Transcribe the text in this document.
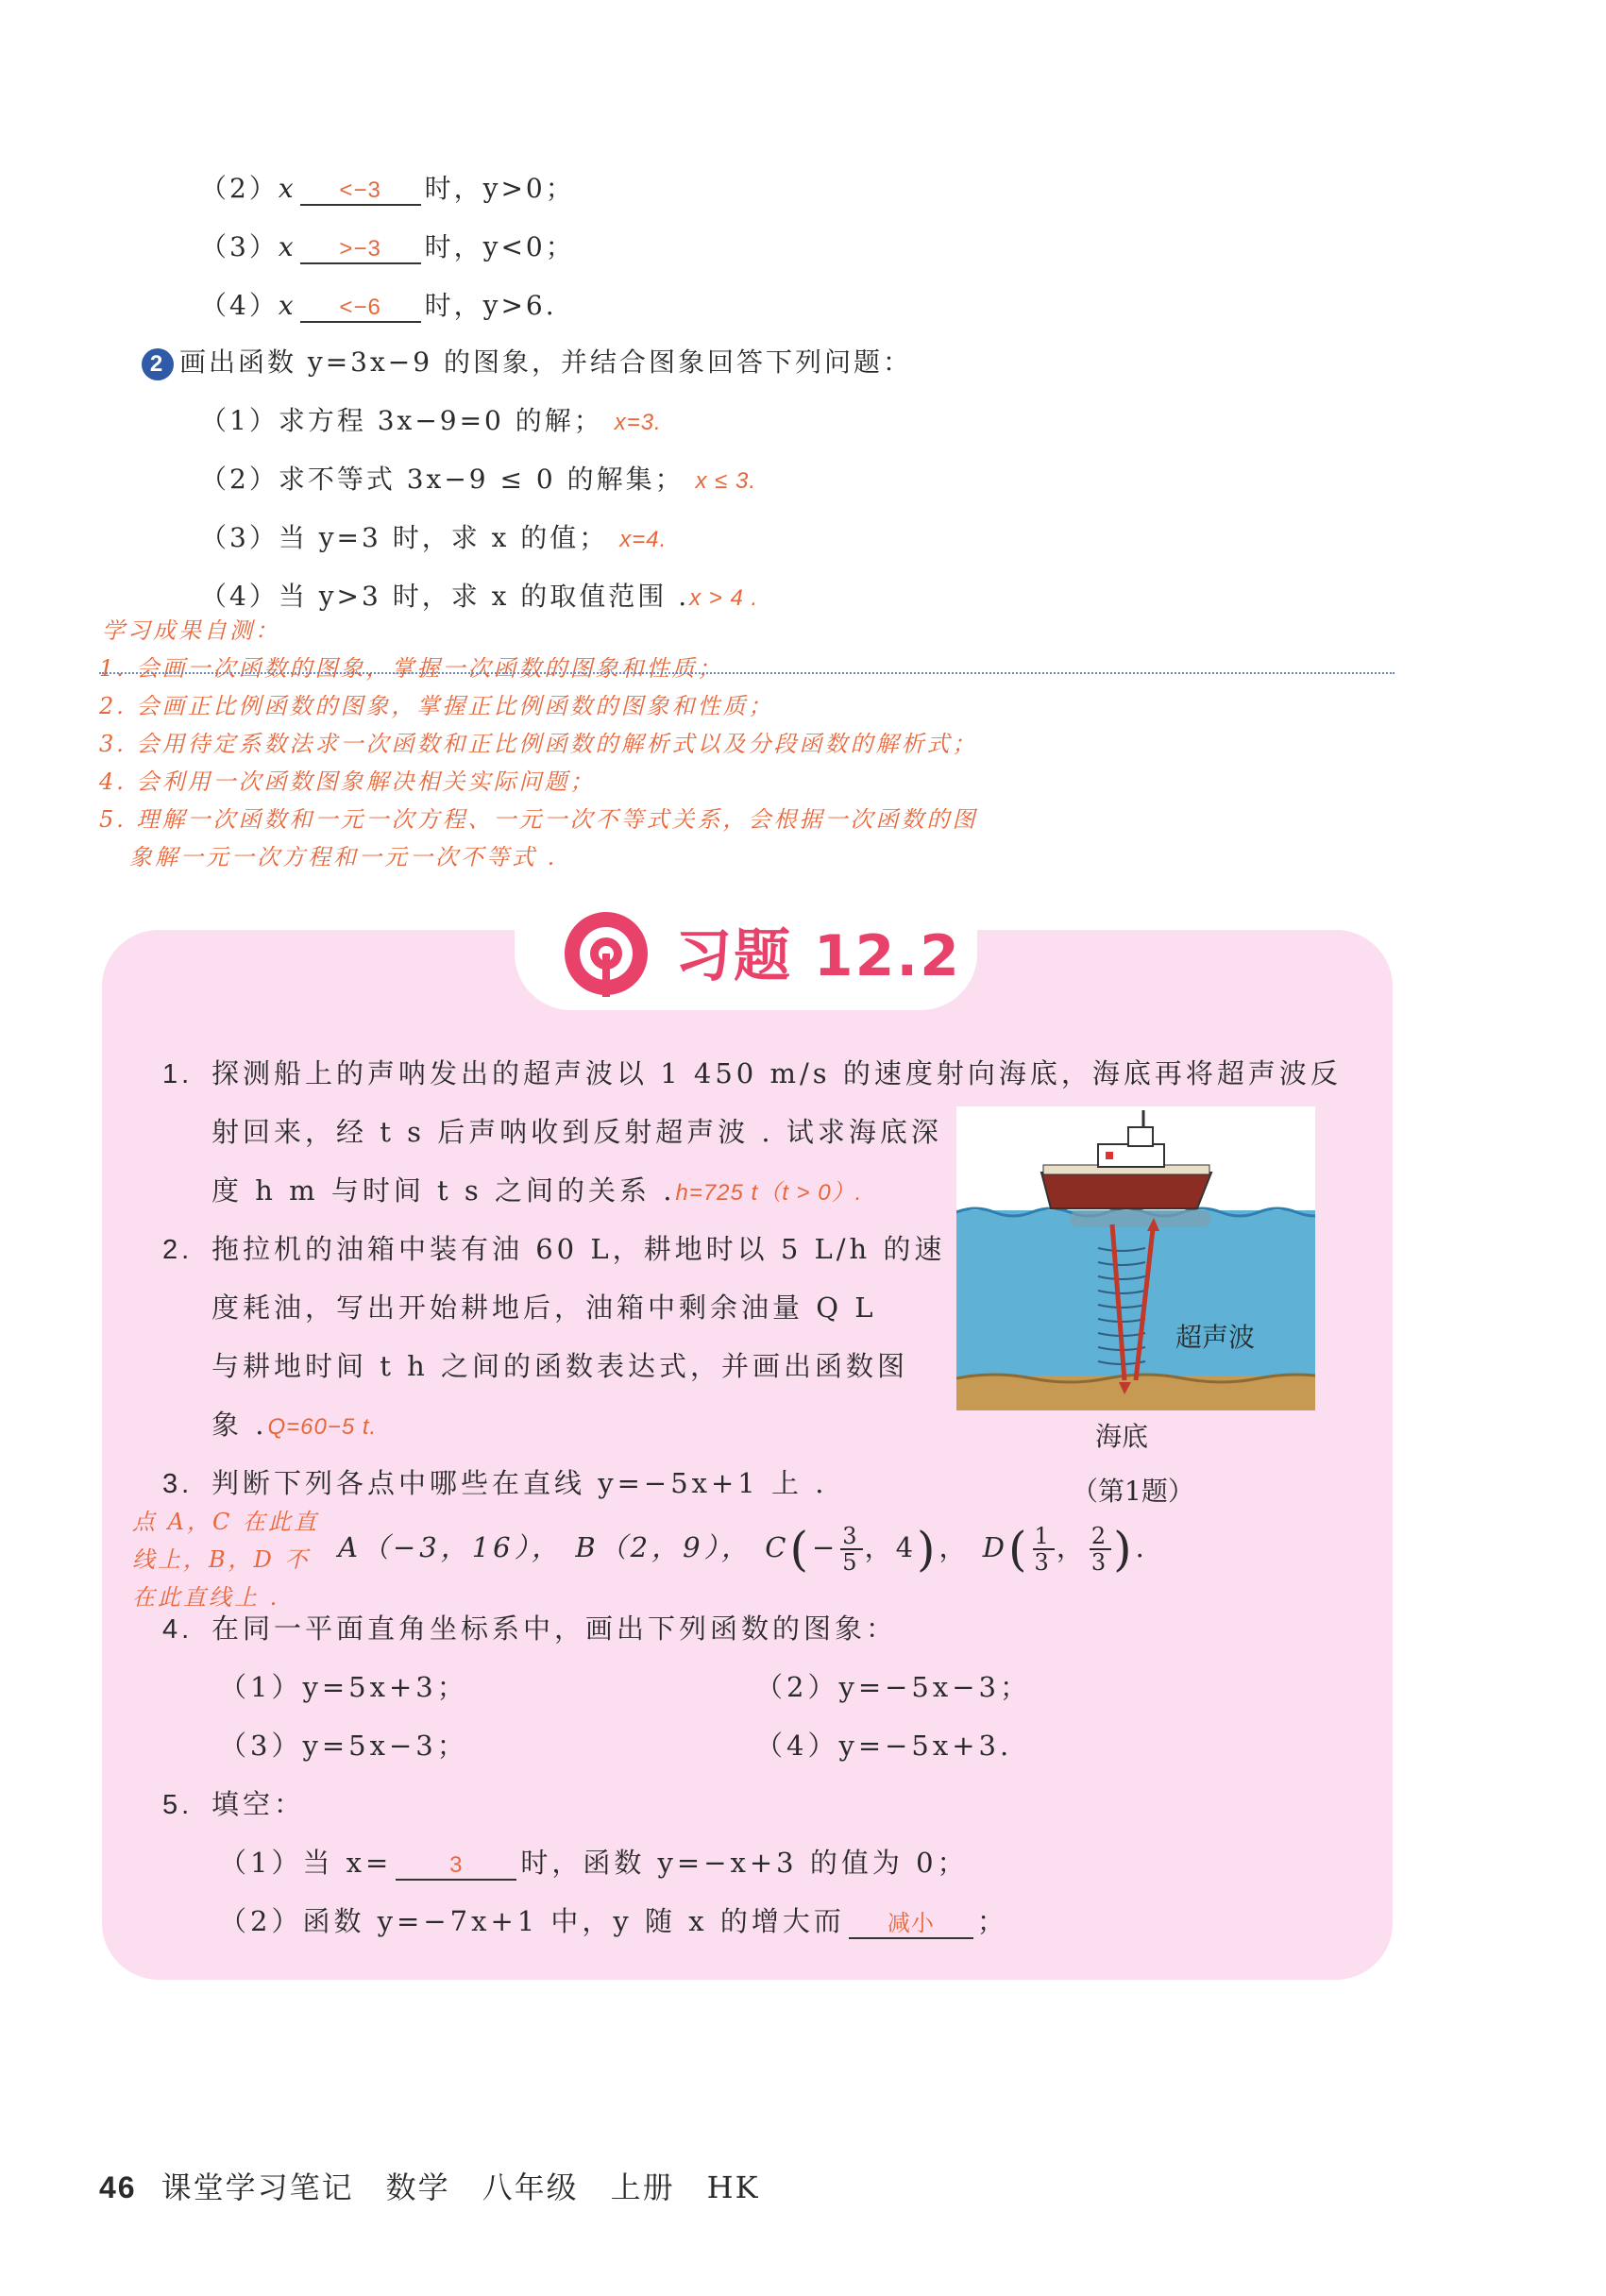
（2）x <−3 时，y>0；
（3）x >−3 时，y<0；
（4）x <−6 时，y>6.
2 画出函数 y=3x−9 的图象，并结合图象回答下列问题：
（1）求方程 3x−9=0 的解； x=3.
（2）求不等式 3x−9 ≤ 0 的解集； x ≤ 3.
（3）当 y=3 时，求 x 的值； x=4.
（4）当 y>3 时，求 x 的取值范围 .x > 4 .
学习成果自测：
1. 会画一次函数的图象，掌握一次函数的图象和性质；
2. 会画正比例函数的图象，掌握正比例函数的图象和性质；
3. 会用待定系数法求一次函数和正比例函数的解析式以及分段函数的解析式；
4. 会利用一次函数图象解决相关实际问题；
5. 理解一次函数和一元一次方程、一元一次不等式关系，会根据一次函数的图
象解一元一次方程和一元一次不等式 .
习题 12.2
1. 探测船上的声呐发出的超声波以 1 450 m/s 的速度射向海底，海底再将超声波反
射回来，经 t s 后声呐收到反射超声波 . 试求海底深
度 h m 与时间 t s 之间的关系 .h=725 t（t > 0）.
超声波
海底
（第1题）
2. 拖拉机的油箱中装有油 60 L，耕地时以 5 L/h 的速
度耗油，写出开始耕地后，油箱中剩余油量 Q L
与耕地时间 t h 之间的函数表达式，并画出函数图
象 .Q=60−5 t.
3. 判断下列各点中哪些在直线 y=−5x+1 上 .
点 A，C 在此直
线上，B，D 不
在此直线上 .
A（−3，16）， B（2，9）， $C(- \frac{3}{5}$ ，4)， $D( \frac{1}{3}$ ， $\frac{2}{3}$ ).
4. 在同一平面直角坐标系中，画出下列函数的图象：
（1）y=5x+3；	（2）y=−5x−3；
（3）y=5x−3；	（4）y=−5x+3.
5. 填空：
（1）当 x=	3 时，函数 y=−x+3 的值为 0；
（2）函数 y=−7x+1 中，y 随 x 的增大而 减小 ；
46 课堂学习笔记 数学 八年级 上册 HK
